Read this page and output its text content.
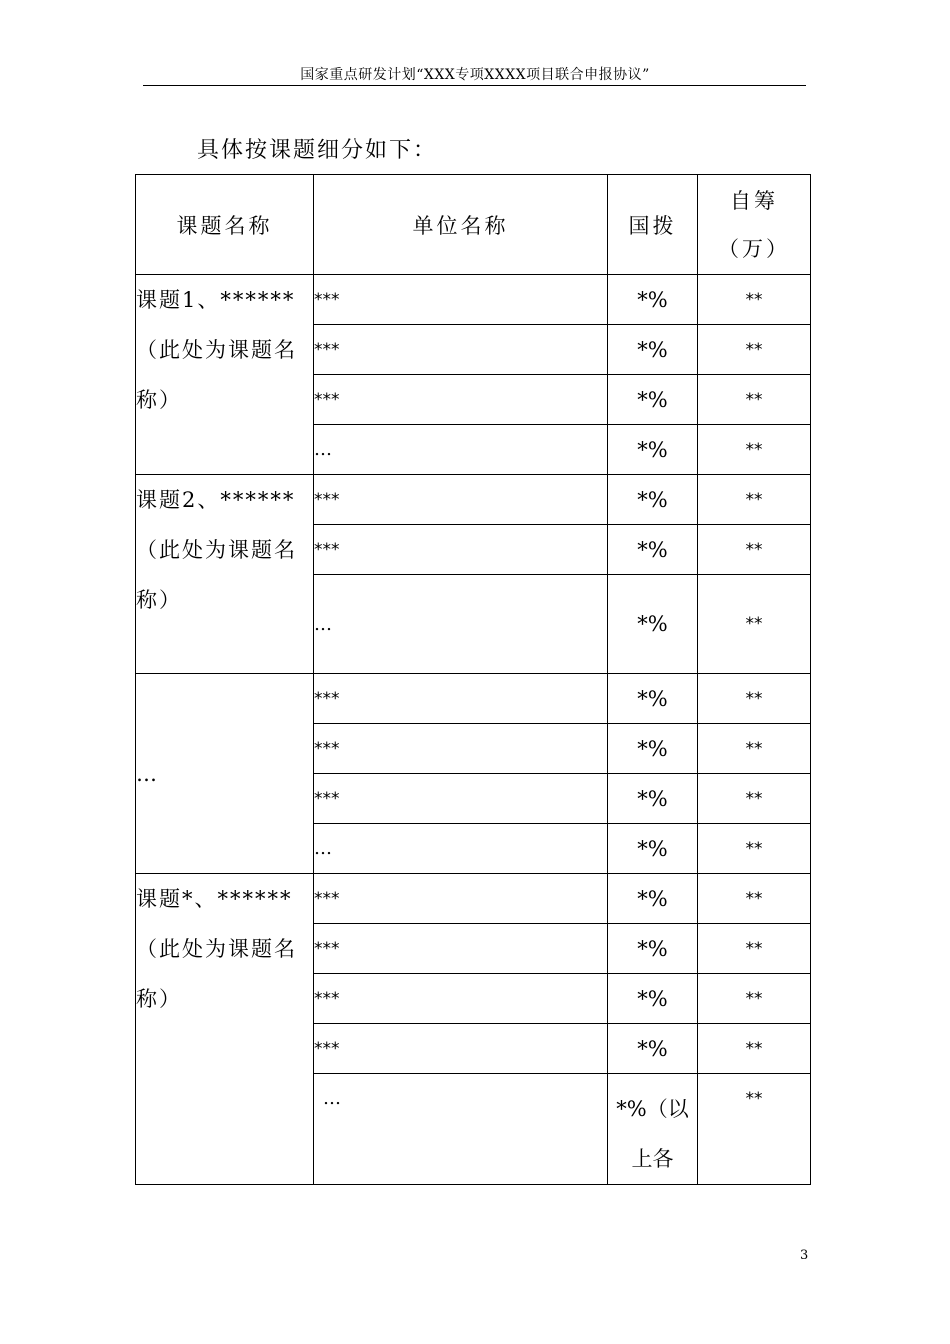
国家重点研发计划“XXX专项XXXX项目联合申报协议”
具体按课题细分如下：
课题名称	单位名称	国拨	自筹（万）
课题1、******（此处为课题名称）	***	*%	**
	***	*%	**
	***	*%	**
	…	*%	**
课题2、******（此处为课题名称）	***	*%	**
	***	*%	**
	…	*%	**
…	***	*%	**
	***	*%	**
	***	*%	**
	…	*%	**
课题*、******（此处为课题名称）	***	*%	**
	***	*%	**
	***	*%	**
	***	*%	**
	…	*%（以上各	**
3
